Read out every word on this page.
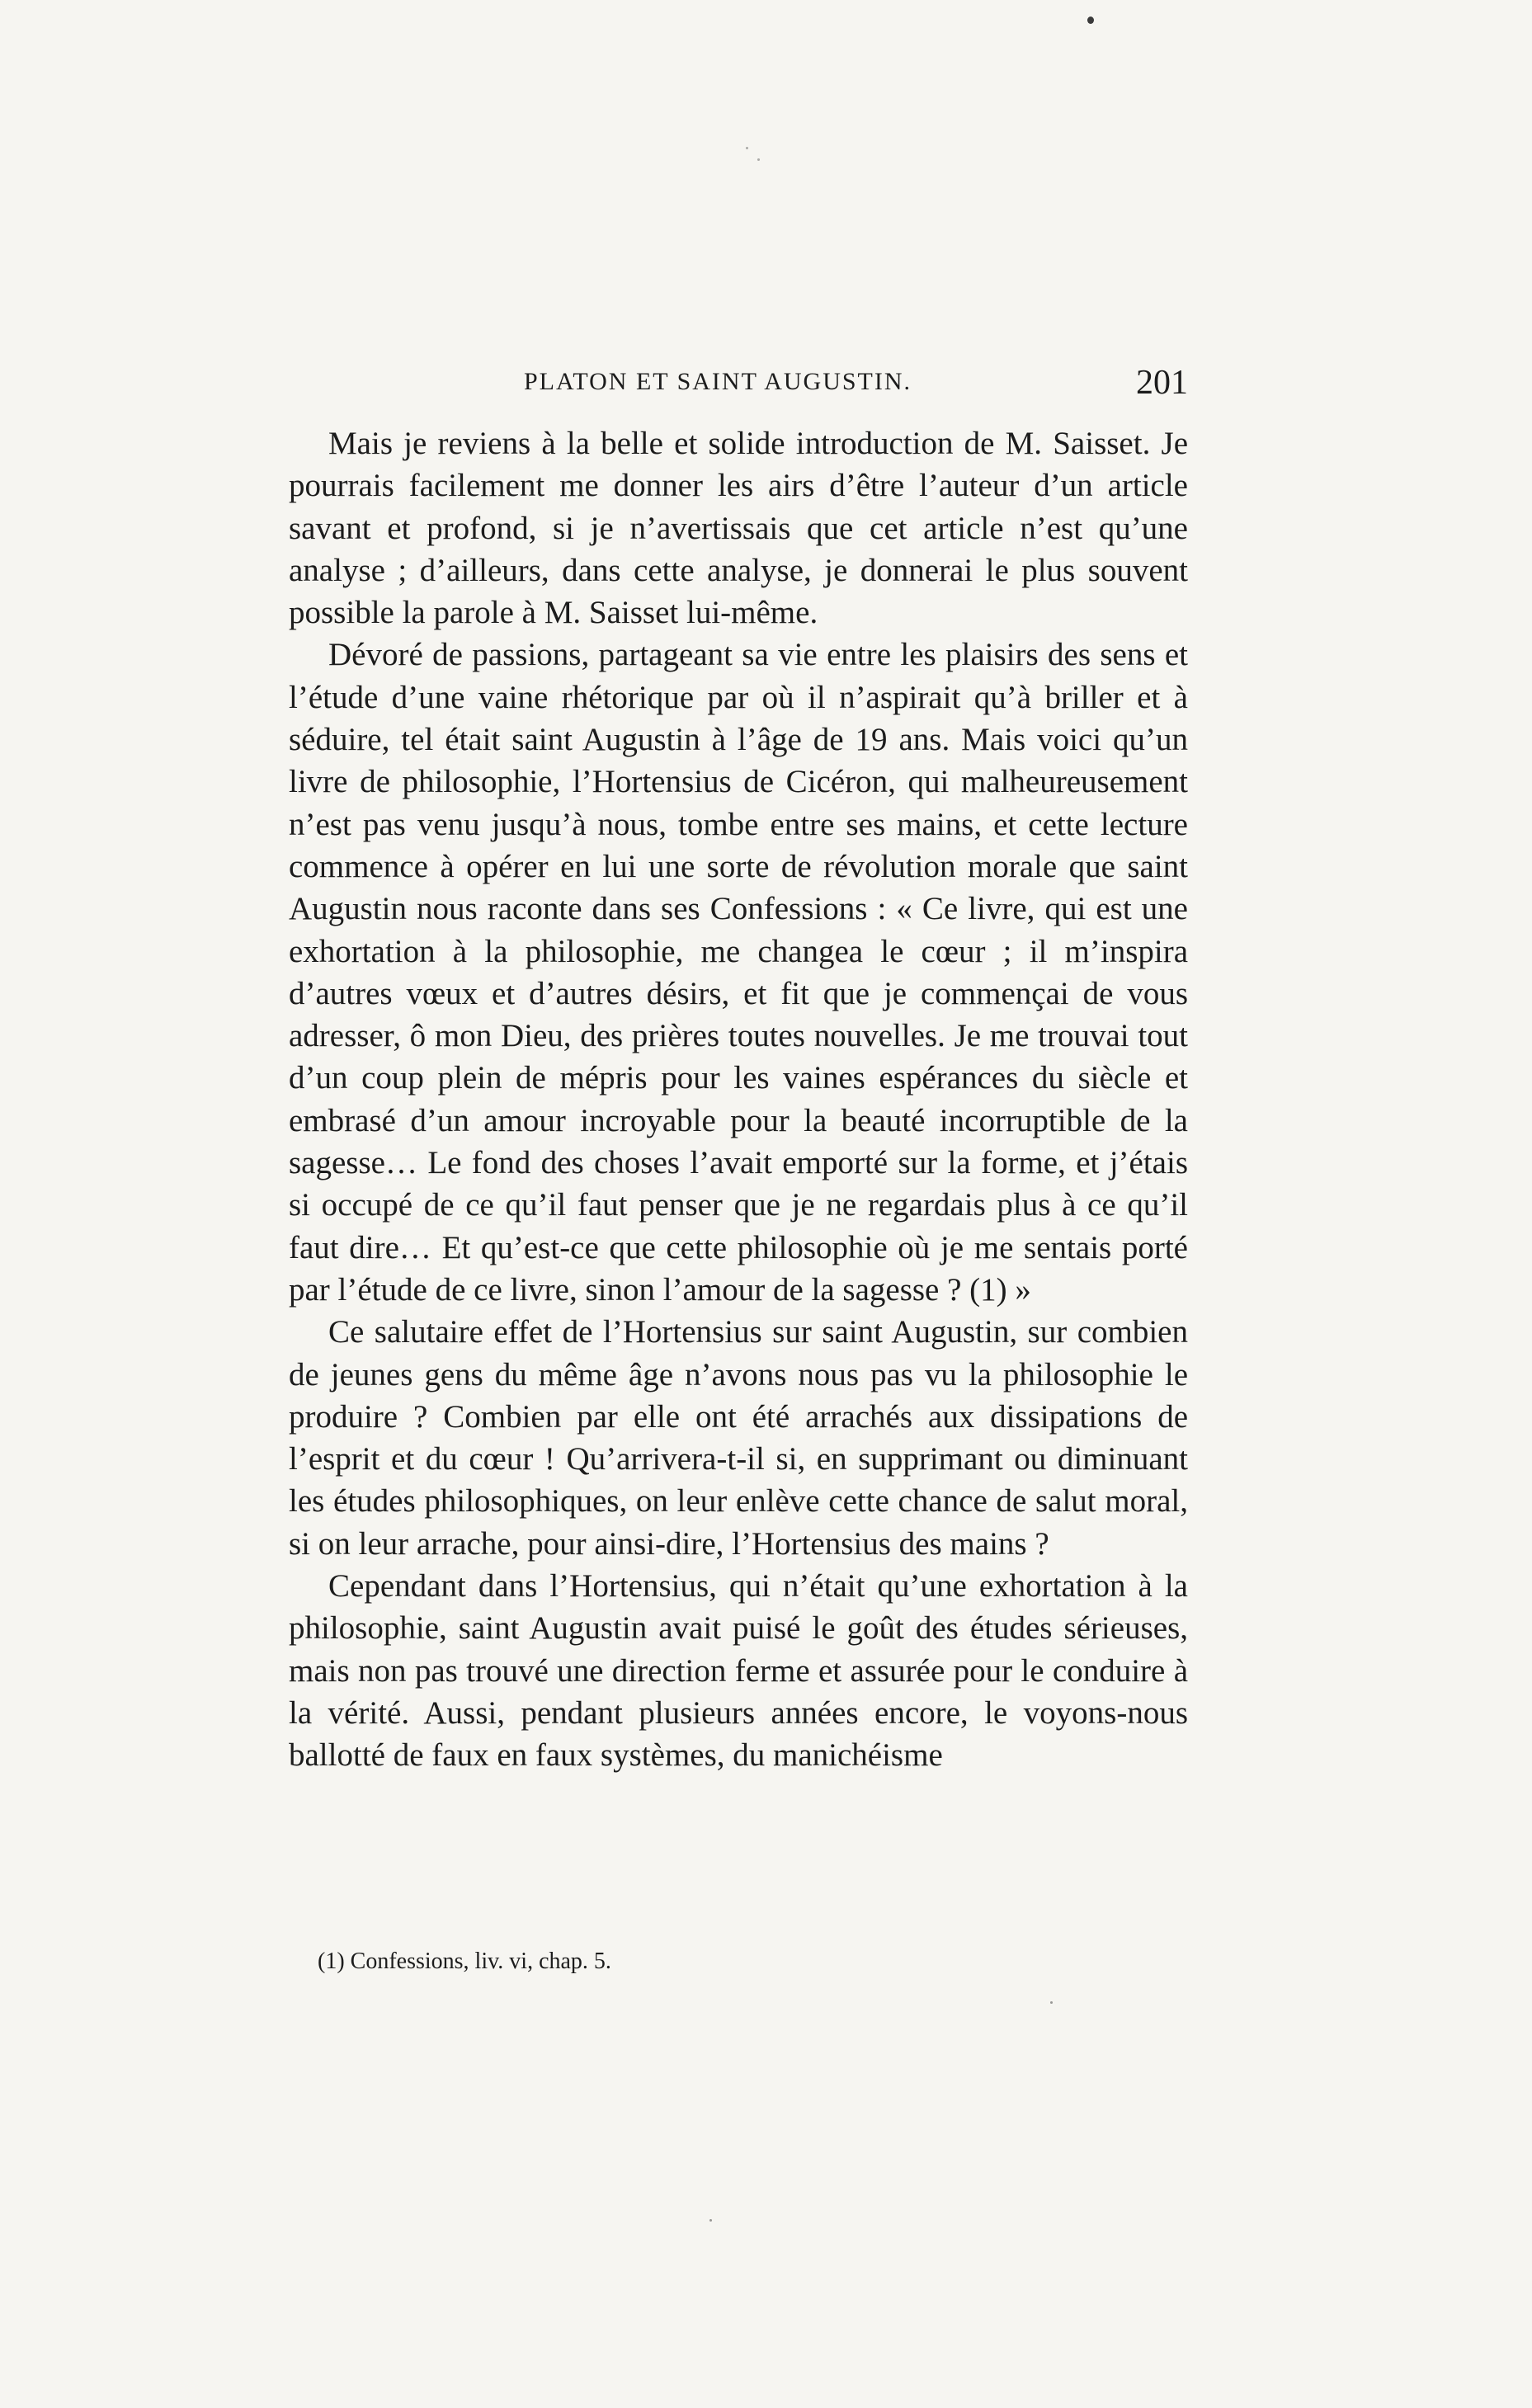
PLATON ET SAINT AUGUSTIN.	201

Mais je reviens à la belle et solide introduction de M. Saisset. Je pourrais facilement me donner les airs d’être l’auteur d’un article savant et profond, si je n’avertissais que cet article n’est qu’une analyse ; d’ailleurs, dans cette analyse, je donnerai le plus souvent possible la parole à M. Saisset lui-même.

Dévoré de passions, partageant sa vie entre les plaisirs des sens et l’étude d’une vaine rhétorique par où il n’aspirait qu’à briller et à séduire, tel était saint Augustin à l’âge de 19 ans. Mais voici qu’un livre de philosophie, l’Hortensius de Cicéron, qui malheureusement n’est pas venu jusqu’à nous, tombe entre ses mains, et cette lecture commence à opérer en lui une sorte de révolution morale que saint Augustin nous raconte dans ses Confessions : « Ce livre, qui est une exhortation à la philosophie, me changea le cœur ; il m’inspira d’autres vœux et d’autres désirs, et fit que je commençai de vous adresser, ô mon Dieu, des prières toutes nouvelles. Je me trouvai tout d’un coup plein de mépris pour les vaines espérances du siècle et embrasé d’un amour incroyable pour la beauté incorruptible de la sagesse… Le fond des choses l’avait emporté sur la forme, et j’étais si occupé de ce qu’il faut penser que je ne regardais plus à ce qu’il faut dire… Et qu’est-ce que cette philosophie où je me sentais porté par l’étude de ce livre, sinon l’amour de la sagesse ? (1) »

Ce salutaire effet de l’Hortensius sur saint Augustin, sur combien de jeunes gens du même âge n’avons nous pas vu la philosophie le produire ? Combien par elle ont été arrachés aux dissipations de l’esprit et du cœur ! Qu’arrivera-t-il si, en supprimant ou diminuant les études philosophiques, on leur enlève cette chance de salut moral, si on leur arrache, pour ainsi-dire, l’Hortensius des mains ?

Cependant dans l’Hortensius, qui n’était qu’une exhortation à la philosophie, saint Augustin avait puisé le goût des études sérieuses, mais non pas trouvé une direction ferme et assurée pour le conduire à la vérité. Aussi, pendant plusieurs années encore, le voyons-nous ballotté de faux en faux systèmes, du manichéisme

(1) Confessions, liv. vi, chap. 5.
